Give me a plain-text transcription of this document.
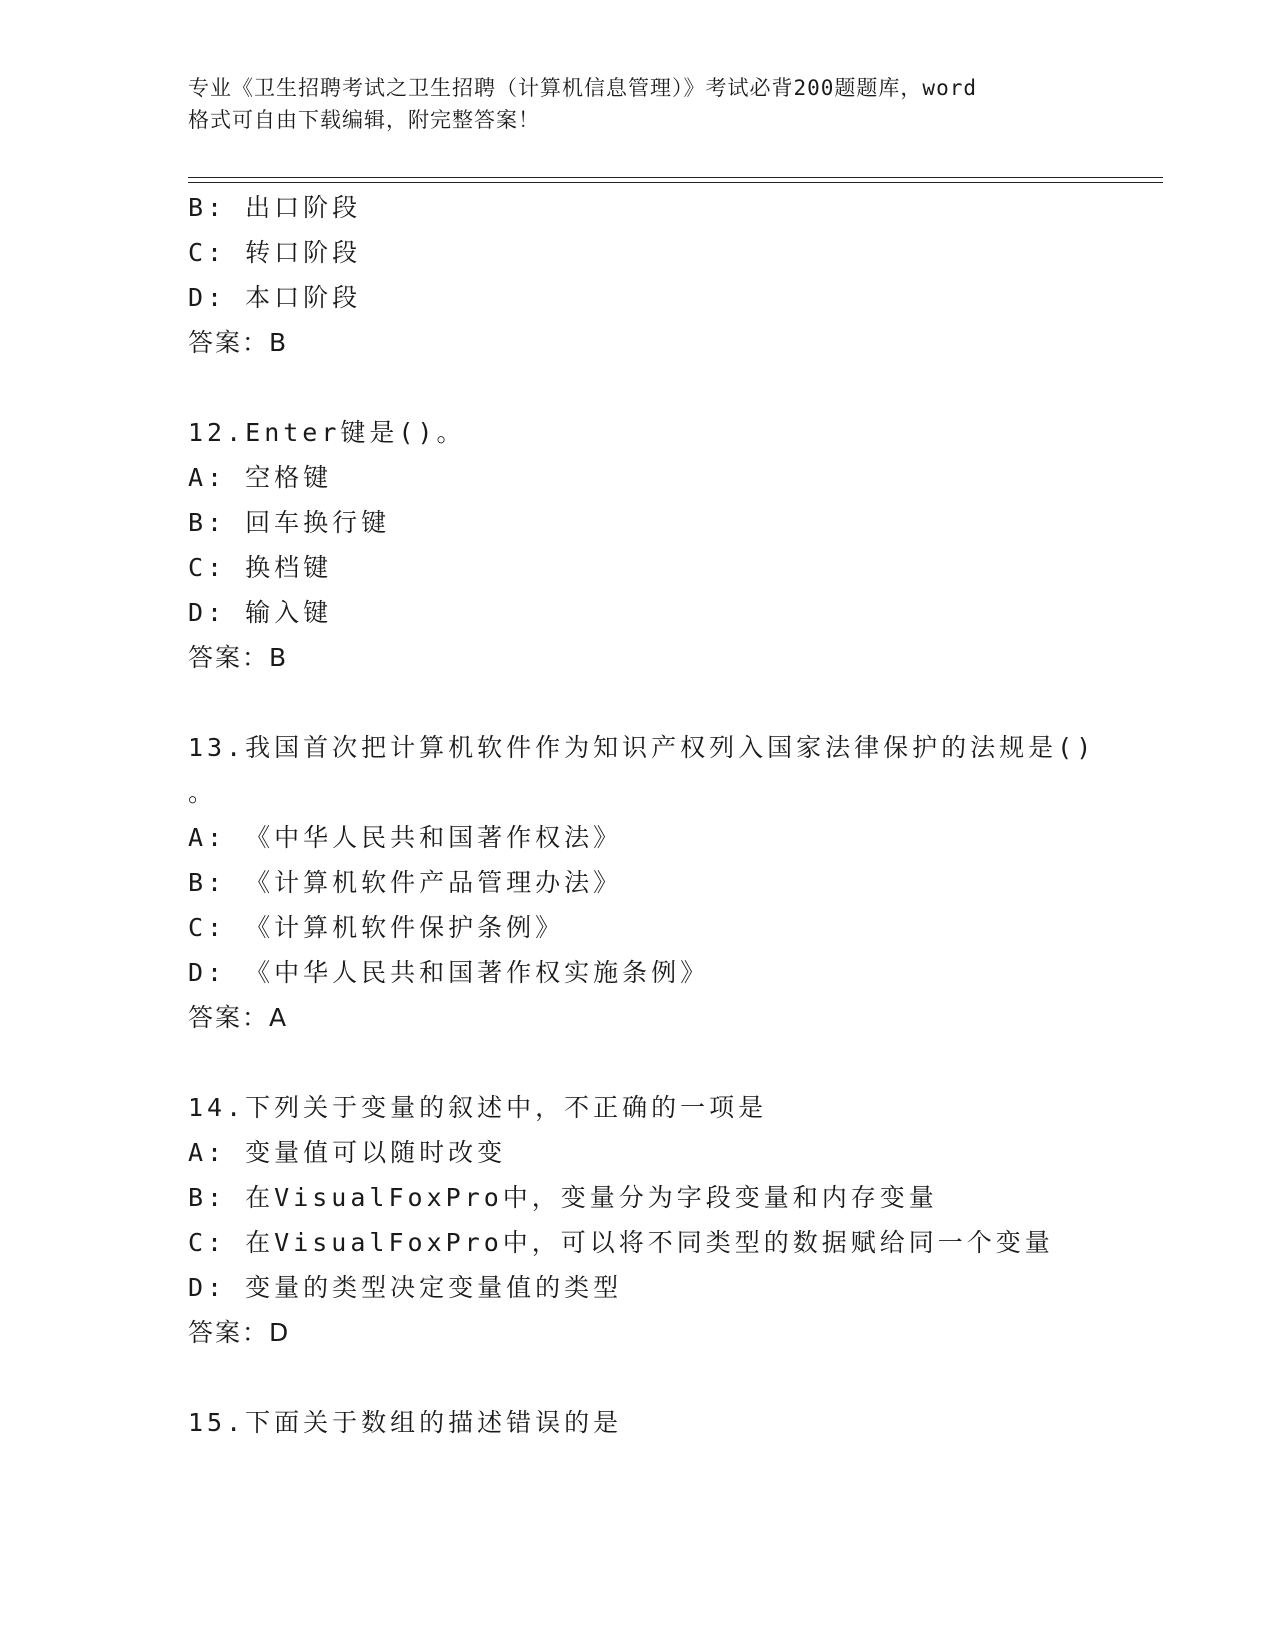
专业《卫生招聘考试之卫生招聘（计算机信息管理）》考试必背200题题库，word
格式可自由下载编辑，附完整答案！
B: 出口阶段
C: 转口阶段
D: 本口阶段
答案：B
12.Enter键是()。
A: 空格键
B: 回车换行键
C: 换档键
D: 输入键
答案：B
13.我国首次把计算机软件作为知识产权列入国家法律保护的法规是()
。
A: 《中华人民共和国著作权法》
B: 《计算机软件产品管理办法》
C: 《计算机软件保护条例》
D: 《中华人民共和国著作权实施条例》
答案：A
14.下列关于变量的叙述中，不正确的一项是
A: 变量值可以随时改变
B: 在VisualFoxPro中，变量分为字段变量和内存变量
C: 在VisualFoxPro中，可以将不同类型的数据赋给同一个变量
D: 变量的类型决定变量值的类型
答案：D
15.下面关于数组的描述错误的是
